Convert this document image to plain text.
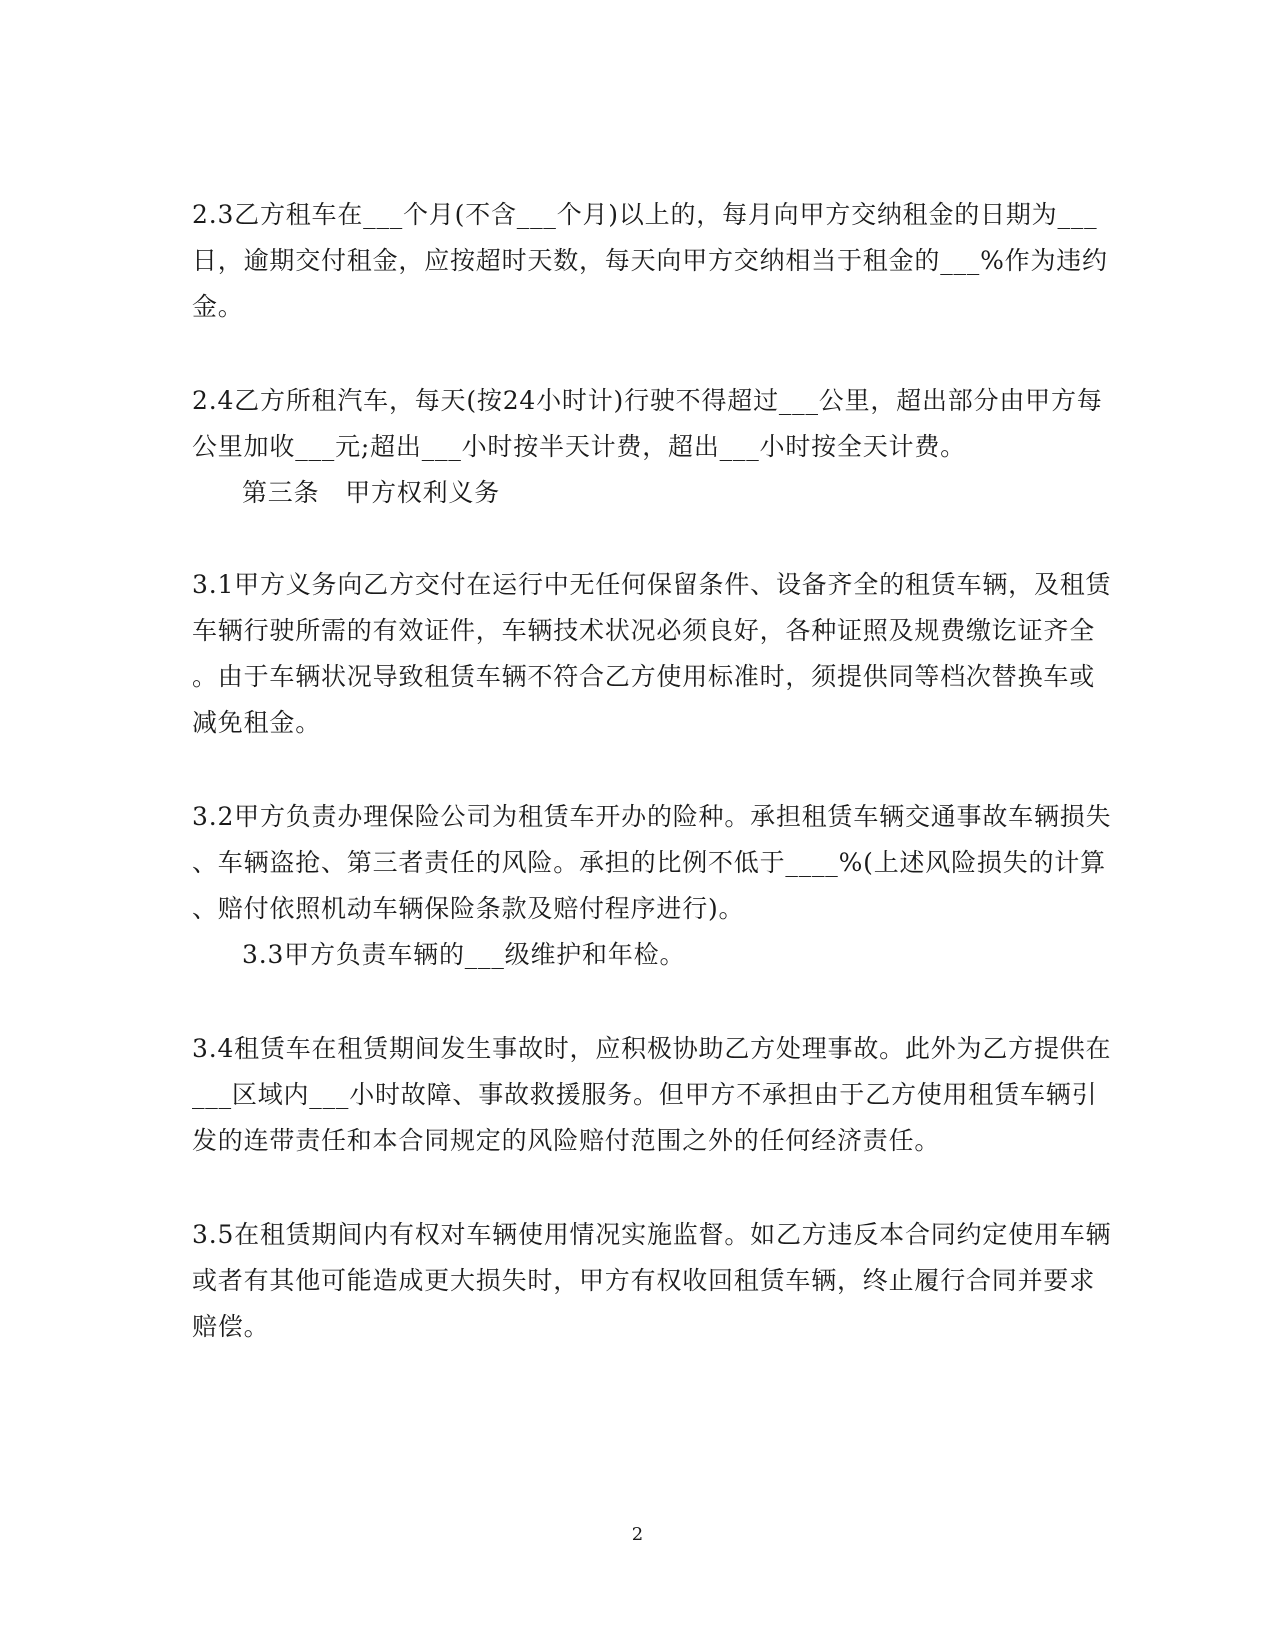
2.3乙方租车在___个月(不含___个月)以上的，每月向甲方交纳租金的日期为___
日，逾期交付租金，应按超时天数，每天向甲方交纳相当于租金的___%作为违约
金。
2.4乙方所租汽车，每天(按24小时计)行驶不得超过___公里，超出部分由甲方每
公里加收___元;超出___小时按半天计费，超出___小时按全天计费。
第三条　甲方权利义务
3.1甲方义务向乙方交付在运行中无任何保留条件、设备齐全的租赁车辆，及租赁
车辆行驶所需的有效证件，车辆技术状况必须良好，各种证照及规费缴讫证齐全
。由于车辆状况导致租赁车辆不符合乙方使用标准时，须提供同等档次替换车或
减免租金。
3.2甲方负责办理保险公司为租赁车开办的险种。承担租赁车辆交通事故车辆损失
、车辆盗抢、第三者责任的风险。承担的比例不低于____%(上述风险损失的计算
、赔付依照机动车辆保险条款及赔付程序进行)。
3.3甲方负责车辆的___级维护和年检。
3.4租赁车在租赁期间发生事故时，应积极协助乙方处理事故。此外为乙方提供在
___区域内___小时故障、事故救援服务。但甲方不承担由于乙方使用租赁车辆引
发的连带责任和本合同规定的风险赔付范围之外的任何经济责任。
3.5在租赁期间内有权对车辆使用情况实施监督。如乙方违反本合同约定使用车辆
或者有其他可能造成更大损失时，甲方有权收回租赁车辆，终止履行合同并要求
赔偿。
2
